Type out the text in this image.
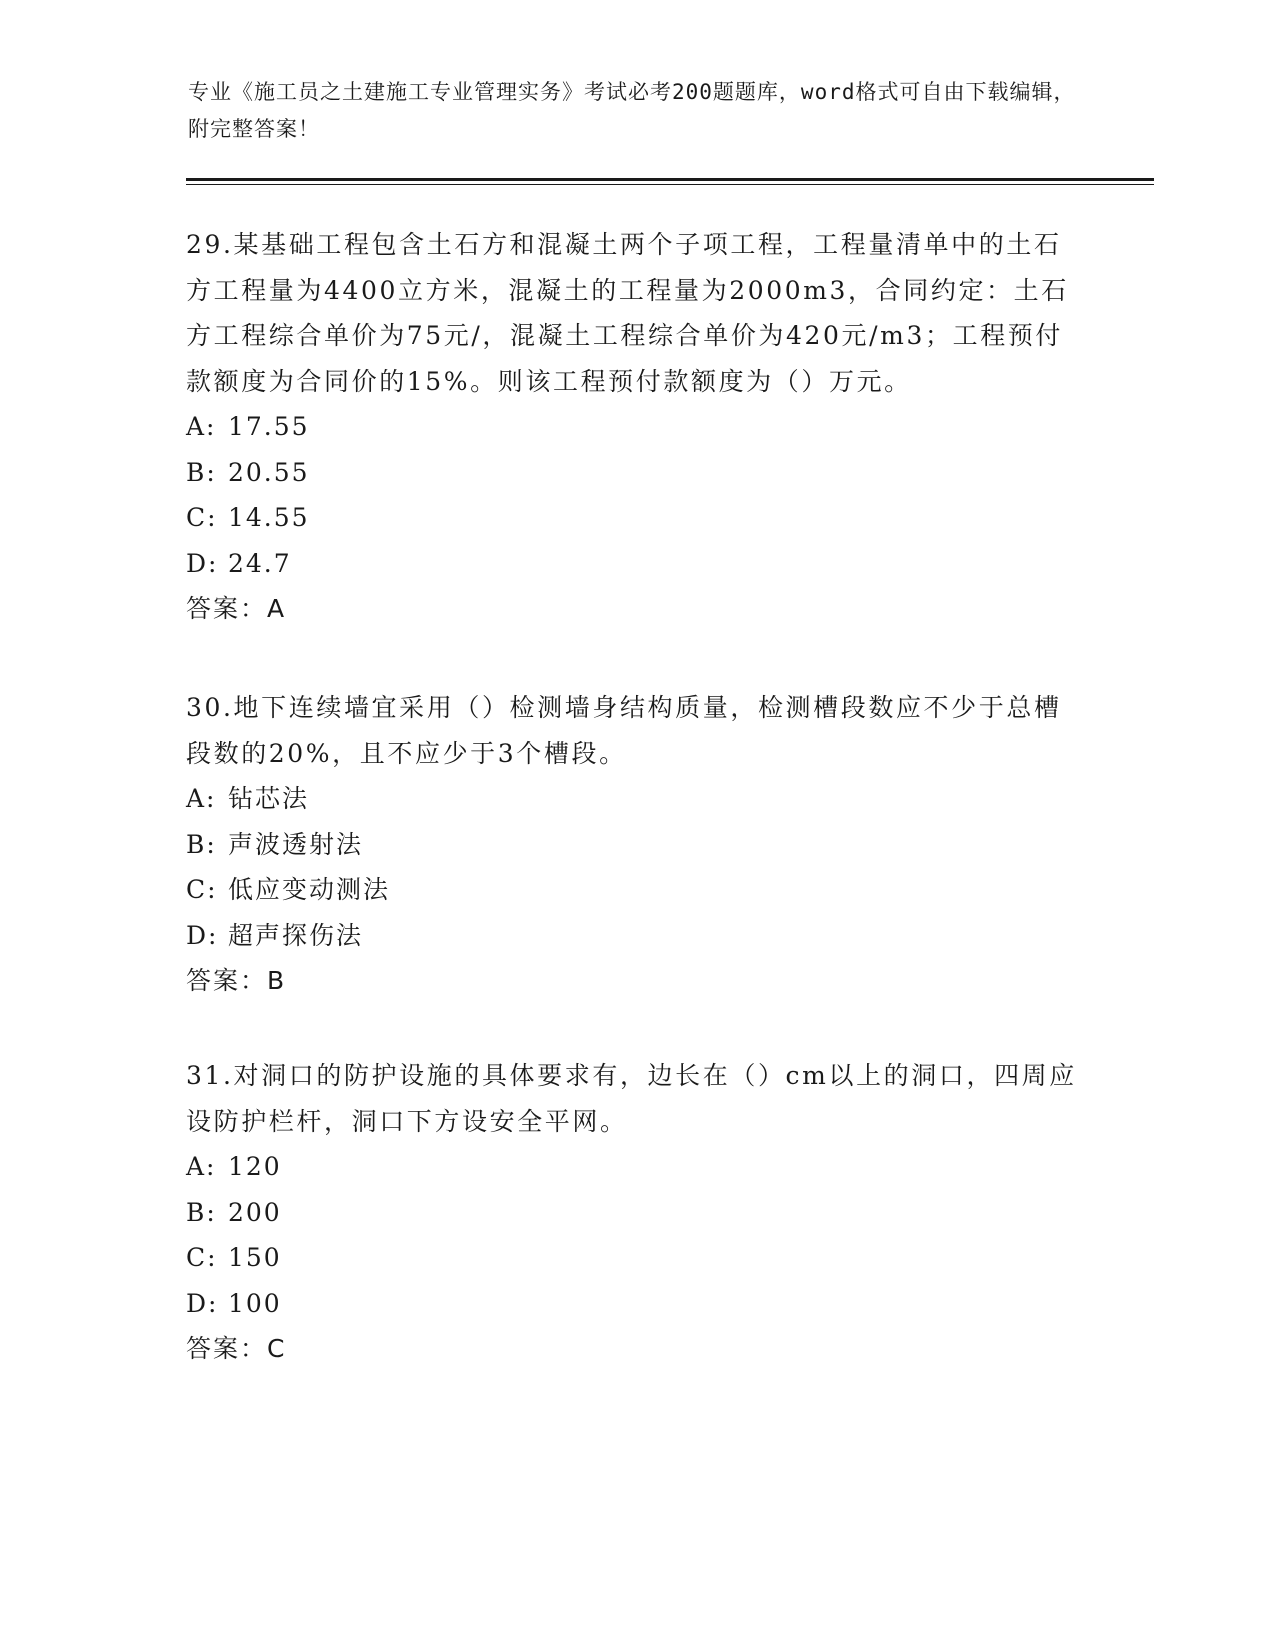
专业《施工员之土建施工专业管理实务》考试必考200题题库，word格式可自由下载编辑，附完整答案！

29.某基础工程包含土石方和混凝土两个子项工程，工程量清单中的土石方工程量为4400立方米，混凝土的工程量为2000m3，合同约定：土石方工程综合单价为75元/，混凝土工程综合单价为420元/m3；工程预付款额度为合同价的15%。则该工程预付款额度为（）万元。

A: 17.55

B: 20.55

C: 14.55

D: 24.7

答案：A

30.地下连续墙宜采用（）检测墙身结构质量，检测槽段数应不少于总槽段数的20%，且不应少于3个槽段。

A: 钻芯法

B: 声波透射法

C: 低应变动测法

D: 超声探伤法

答案：B

31.对洞口的防护设施的具体要求有，边长在（）cm以上的洞口，四周应设防护栏杆，洞口下方设安全平网。

A: 120

B: 200

C: 150

D: 100

答案：C
